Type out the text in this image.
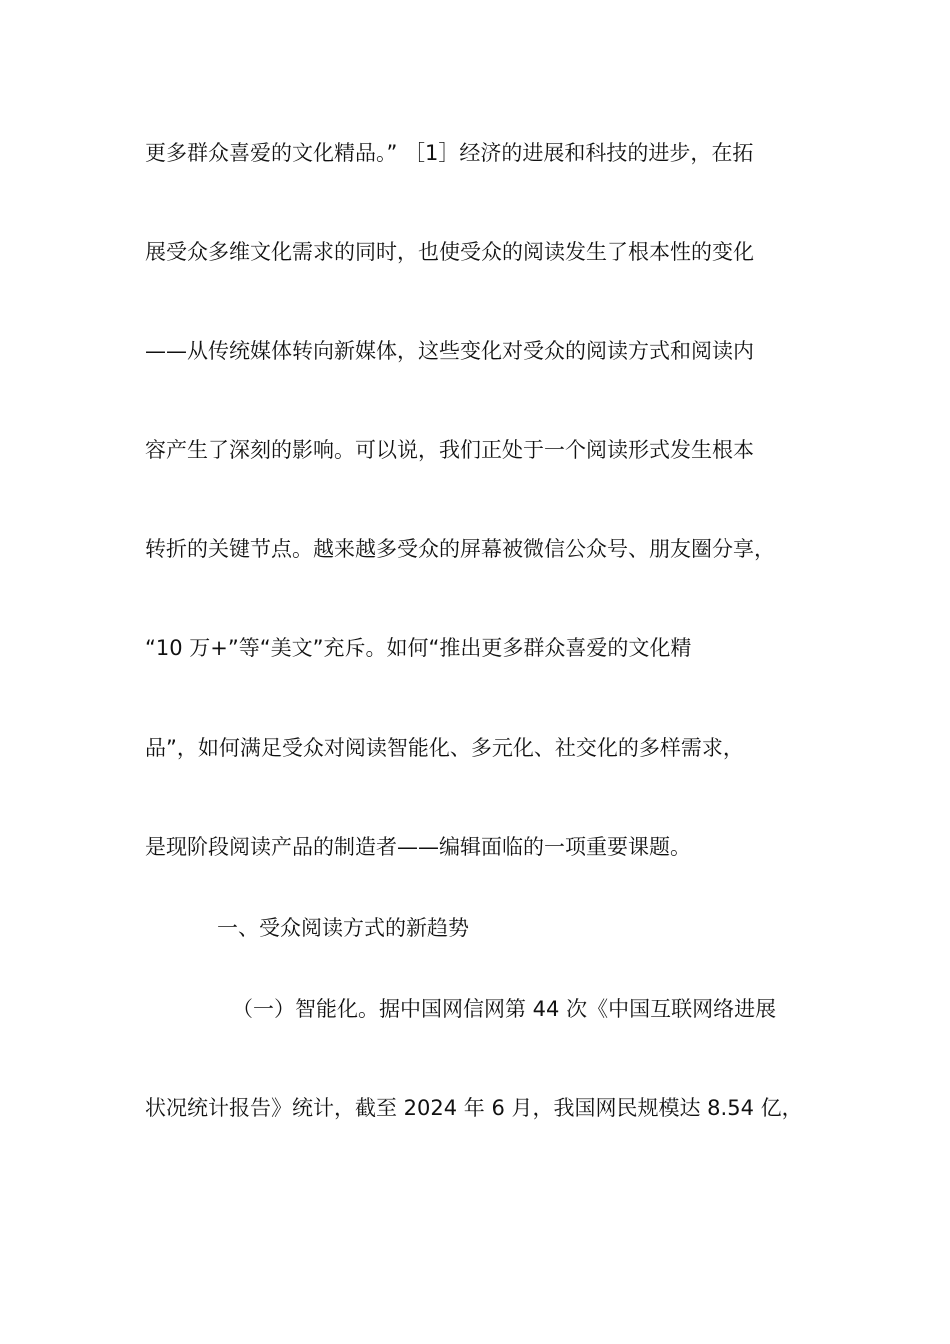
更多群众喜爱的文化精品。” ［1］经济的进展和科技的进步，在拓
展受众多维文化需求的同时，也使受众的阅读发生了根本性的变化
——从传统媒体转向新媒体，这些变化对受众的阅读方式和阅读内
容产生了深刻的影响。可以说，我们正处于一个阅读形式发生根本
转折的关键节点。越来越多受众的屏幕被微信公众号、朋友圈分享，
“10 万+”等“美文”充斥。如何“推出更多群众喜爱的文化精
品”，如何满足受众对阅读智能化、多元化、社交化的多样需求，
是现阶段阅读产品的制造者——编辑面临的一项重要课题。
一、受众阅读方式的新趋势
（一）智能化。据中国网信网第 44 次《中国互联网络进展
状况统计报告》统计，截至 2024 年 6 月，我国网民规模达 8.54 亿，
